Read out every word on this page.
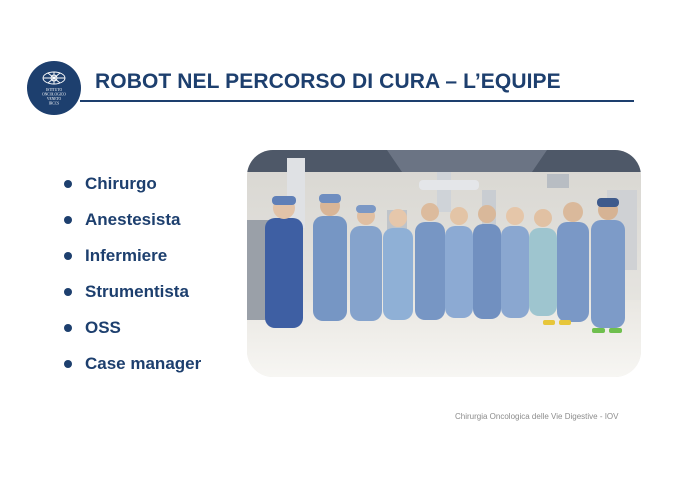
ISTITUTO
ONCOLOGICO
VENETO
IRCCS
ROBOT NEL PERCORSO DI CURA – L’EQUIPE
Chirurgo
Anestesista
Infermiere
Strumentista
OSS
Case manager
Chirurgia Oncologica delle Vie Digestive - IOV
